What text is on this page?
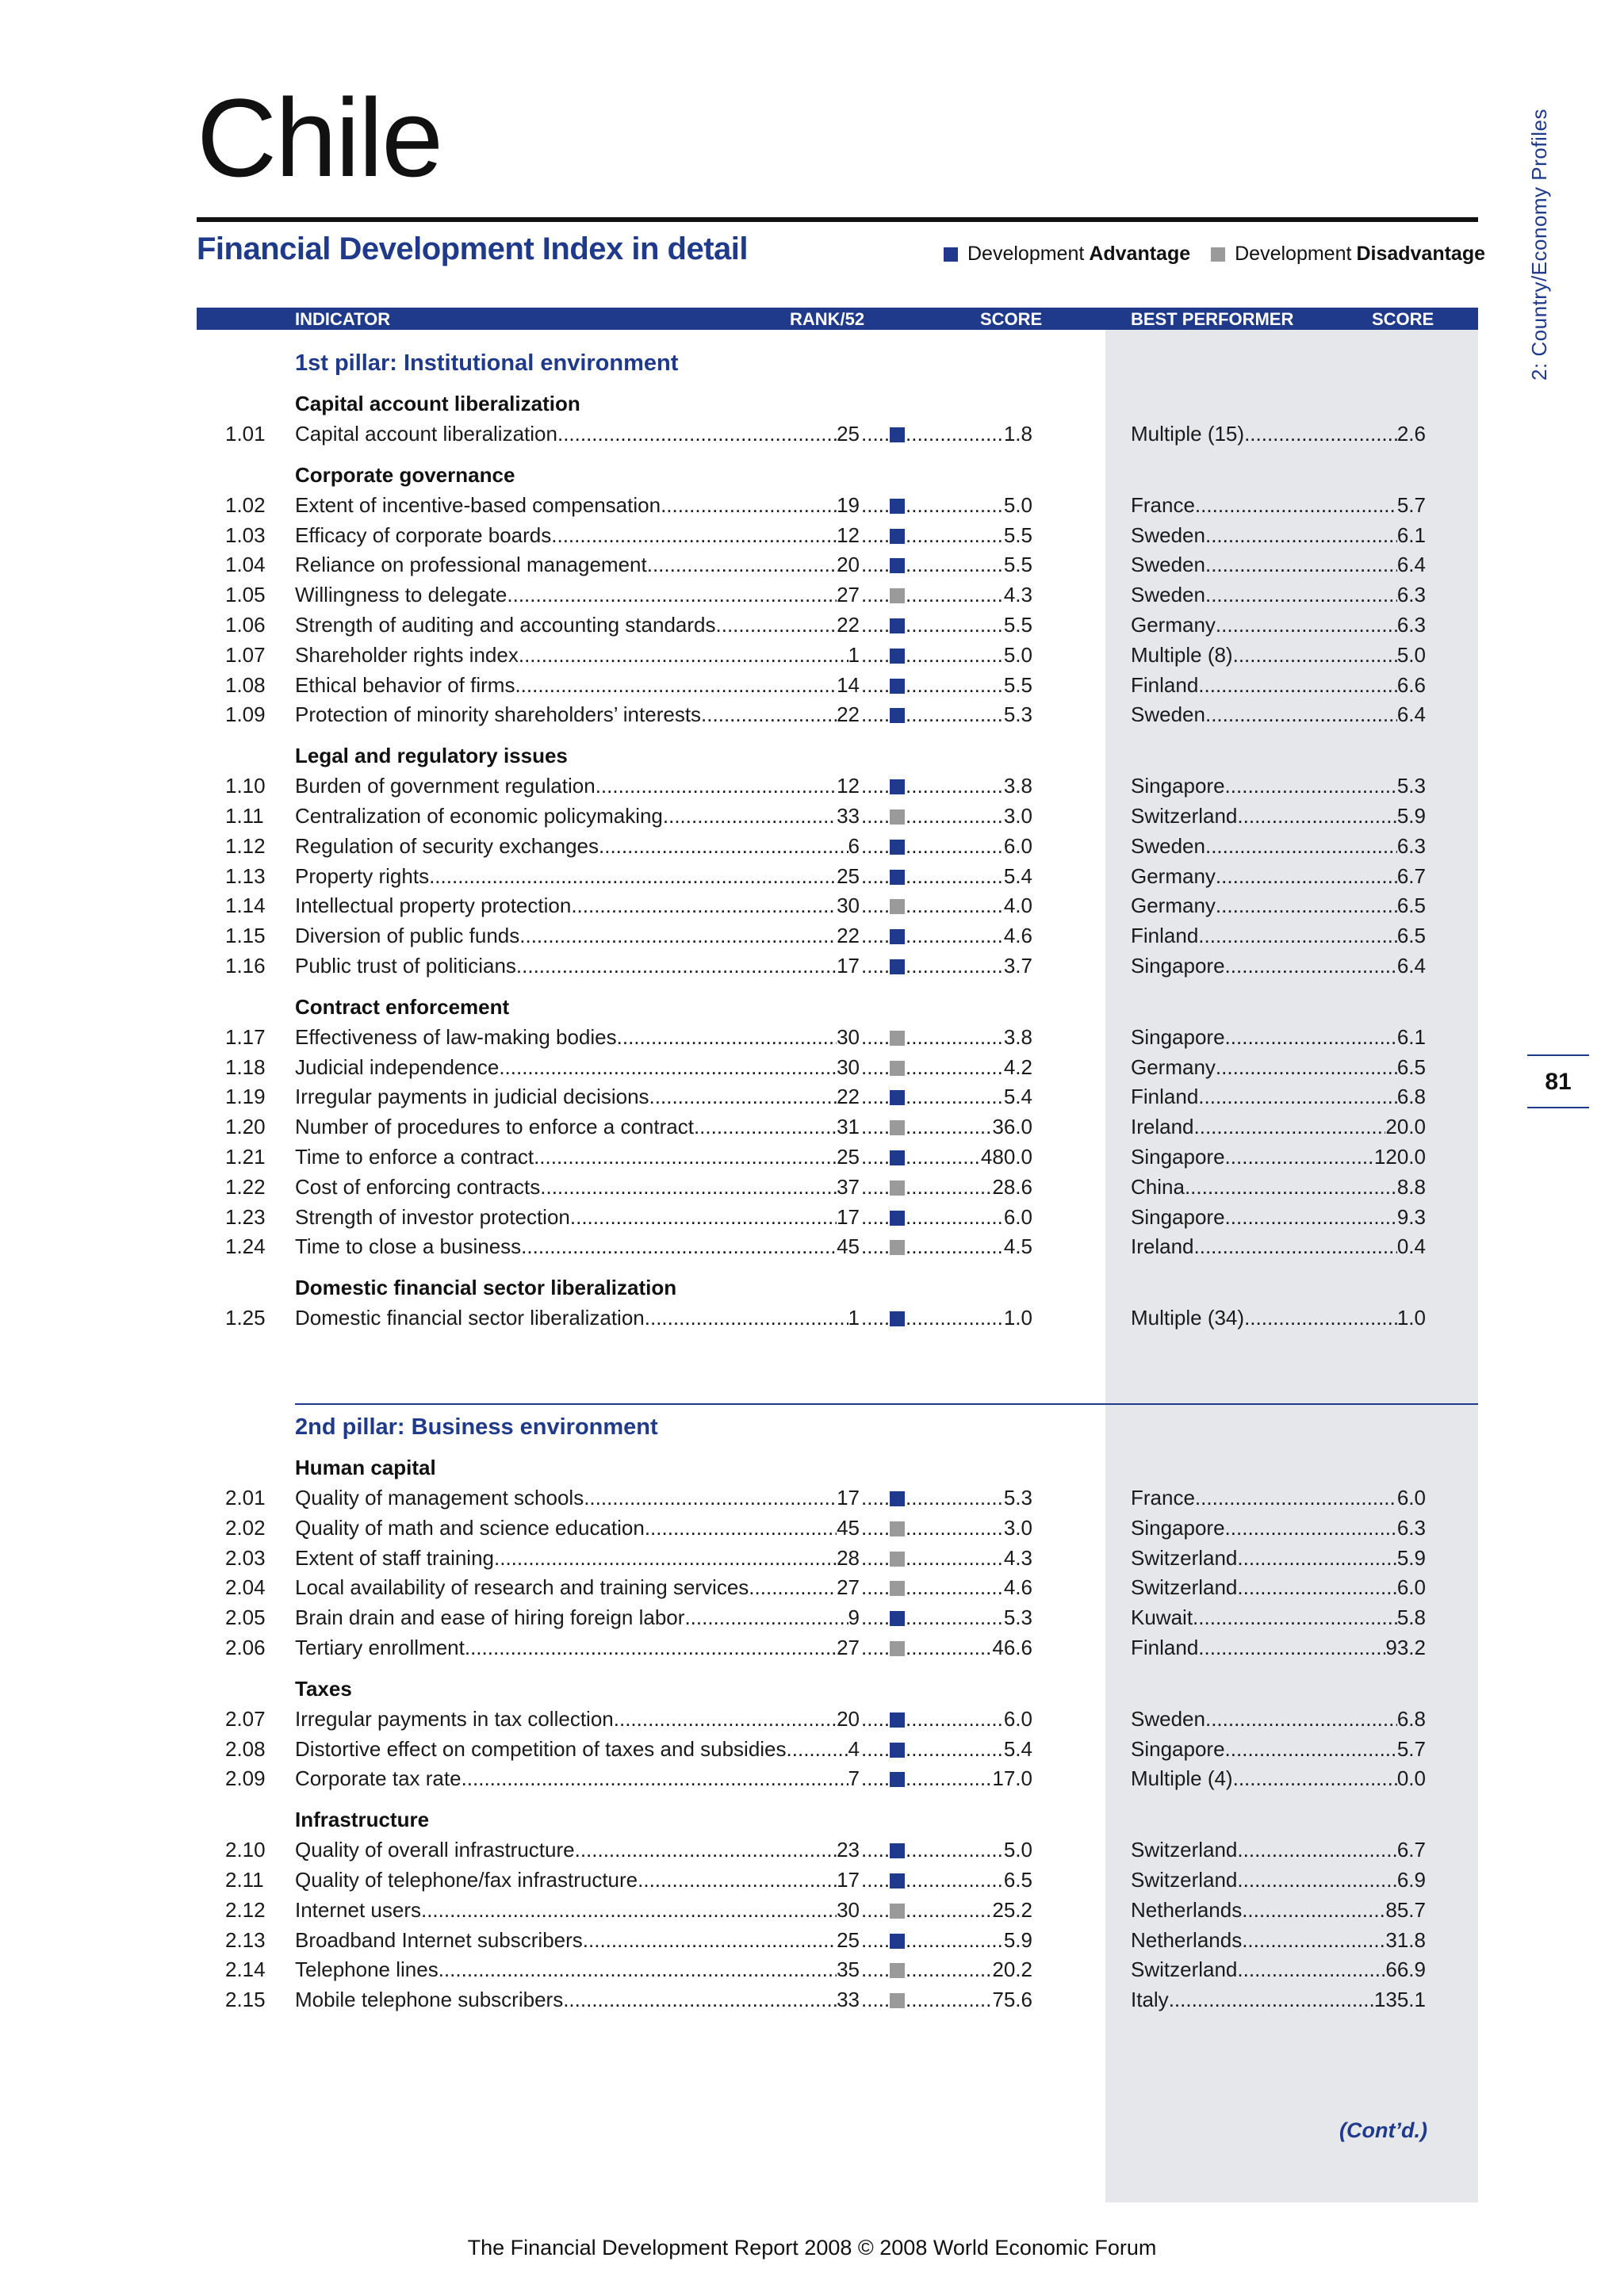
Chile
Financial Development Index in detail	Development Advantage Development Disadvantage 2: Country/Economy Profiles
81
INDICATOR	RANK/52	SCORE	BEST PERFORMER	SCORE
1st pillar: Institutional environment
Capital account liberalization
1.01	Capital account liberalization .....	25 ..... .....	1.8	Multiple (15) .....	2.6
Corporate governance
1.02	Extent of incentive-based compensation .....	19 ..... .....	5.0	France .....	5.7
1.03	Efficacy of corporate boards .....	12 ..... .....	5.5	Sweden .....	6.1
1.04	Reliance on professional management .....	20 ..... .....	5.5	Sweden .....	6.4
1.05	Willingness to delegate .....	27 ..... .....	4.3	Sweden .....	6.3
1.06	Strength of auditing and accounting standards .....	22 ..... .....	5.5	Germany .....	6.3
1.07	Shareholder rights index .....	1 ..... .....	5.0	Multiple (8) .....	5.0
1.08	Ethical behavior of firms .....	14 ..... .....	5.5	Finland .....	6.6
1.09	Protection of minority shareholders’ interests .....	22 ..... .....	5.3	Sweden .....	6.4
Legal and regulatory issues
1.10	Burden of government regulation .....	12 ..... .....	3.8	Singapore .....	5.3
1.11	Centralization of economic policymaking .....	33 ..... .....	3.0	Switzerland .....	5.9
1.12	Regulation of security exchanges .....	6 ..... .....	6.0	Sweden .....	6.3
1.13	Property rights .....	25 ..... .....	5.4	Germany .....	6.7
1.14	Intellectual property protection .....	30 ..... .....	4.0	Germany .....	6.5
1.15	Diversion of public funds .....	22 ..... .....	4.6	Finland .....	6.5
1.16	Public trust of politicians .....	17 ..... .....	3.7	Singapore .....	6.4
Contract enforcement
1.17	Effectiveness of law-making bodies .....	30 ..... .....	3.8	Singapore .....	6.1
1.18	Judicial independence .....	30 ..... .....	4.2	Germany .....	6.5
1.19	Irregular payments in judicial decisions .....	22 ..... .....	5.4	Finland .....	6.8
1.20	Number of procedures to enforce a contract .....	31 ..... .....	36.0	Ireland .....	20.0
1.21	Time to enforce a contract .....	25 ..... .....	480.0	Singapore .....	120.0
1.22	Cost of enforcing contracts .....	37 ..... .....	28.6	China .....	8.8
1.23	Strength of investor protection .....	17 ..... .....	6.0	Singapore .....	9.3
1.24	Time to close a business .....	45 ..... .....	4.5	Ireland .....	0.4
Domestic financial sector liberalization
1.25	Domestic financial sector liberalization .....	1 ..... .....	1.0	Multiple (34) .....	1.0
2nd pillar: Business environment
Human capital
2.01	Quality of management schools .....	17 ..... .....	5.3	France .....	6.0
2.02	Quality of math and science education .....	45 ..... .....	3.0	Singapore .....	6.3
2.03	Extent of staff training .....	28 ..... .....	4.3	Switzerland .....	5.9
2.04	Local availability of research and training services .....	27 ..... .....	4.6	Switzerland .....	6.0
2.05	Brain drain and ease of hiring foreign labor .....	9 ..... .....	5.3	Kuwait .....	5.8
2.06	Tertiary enrollment .....	27 ..... .....	46.6	Finland .....	93.2
Taxes
2.07	Irregular payments in tax collection .....	20 ..... .....	6.0	Sweden .....	6.8
2.08	Distortive effect on competition of taxes and subsidies .....	4 ..... .....	5.4	Singapore .....	5.7
2.09	Corporate tax rate .....	7 ..... .....	17.0	Multiple (4) .....	0.0
Infrastructure
2.10	Quality of overall infrastructure .....	23 ..... .....	5.0	Switzerland .....	6.7
2.11	Quality of telephone/fax infrastructure .....	17 ..... .....	6.5	Switzerland .....	6.9
2.12	Internet users .....	30 ..... .....	25.2	Netherlands .....	85.7
2.13	Broadband Internet subscribers .....	25 ..... .....	5.9	Netherlands .....	31.8
2.14	Telephone lines .....	35 ..... .....	20.2	Switzerland .....	66.9
2.15	Mobile telephone subscribers .....	33 ..... .....	75.6	Italy .....	135.1
(Cont’d.)
The Financial Development Report 2008 © 2008 World Economic Forum
